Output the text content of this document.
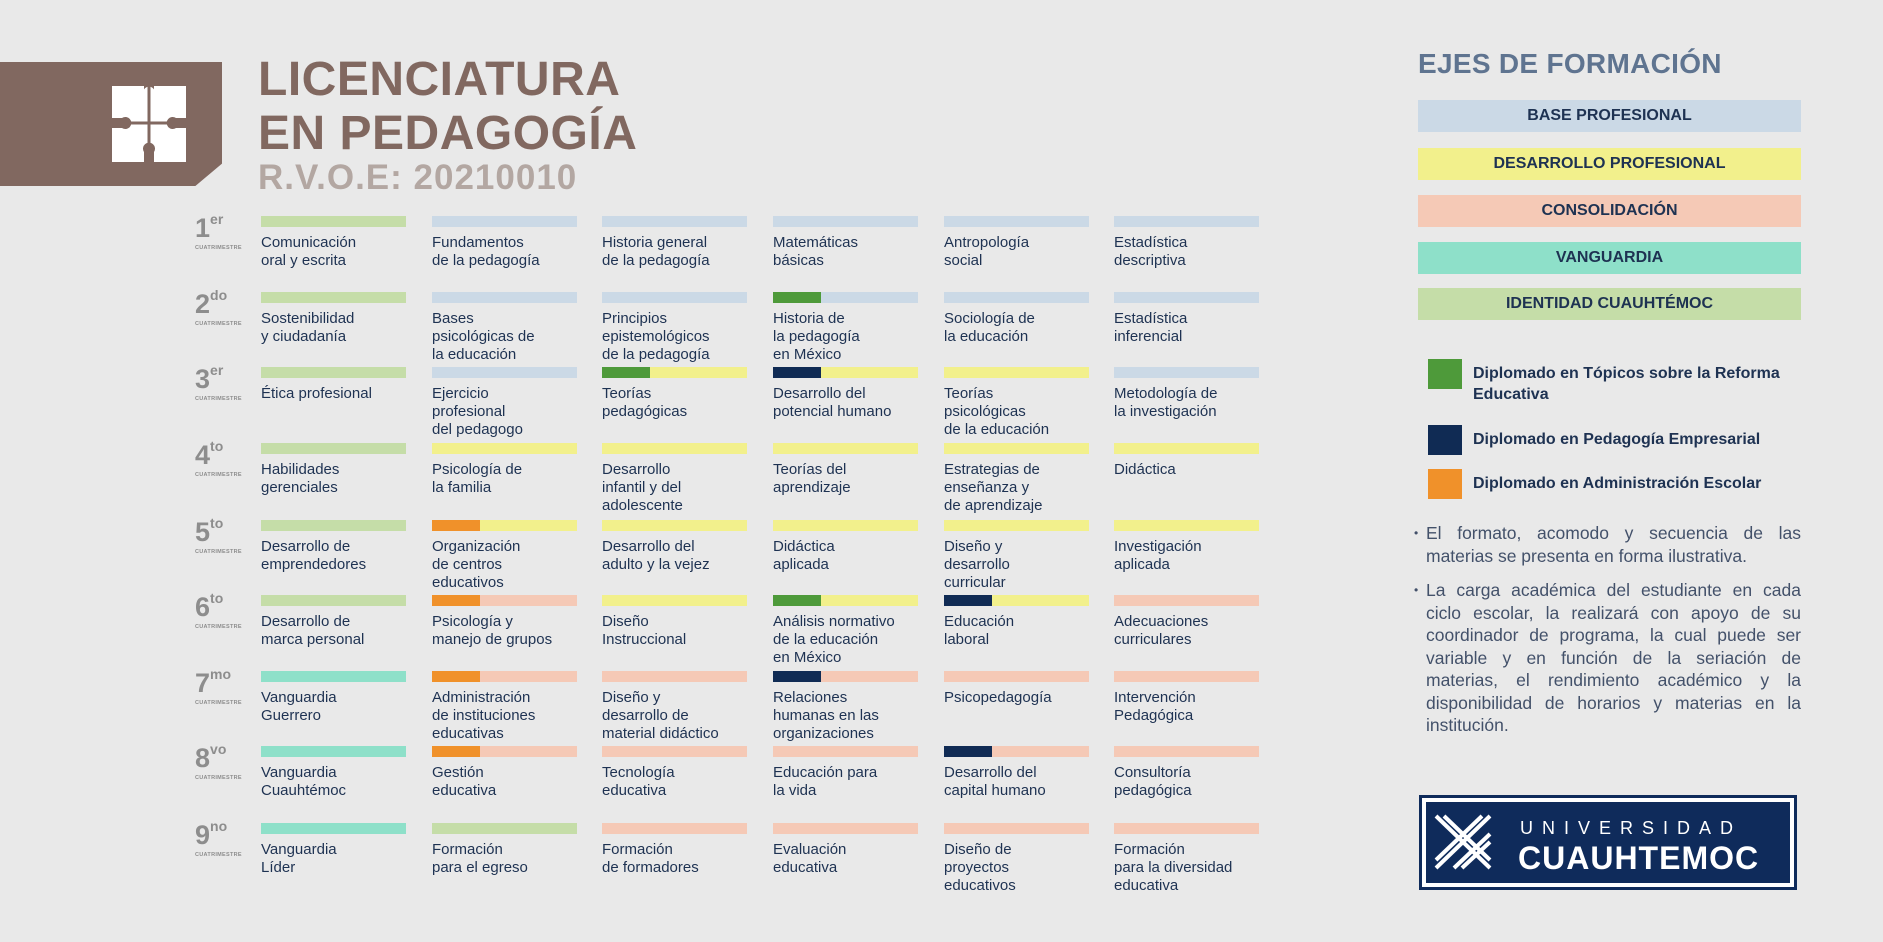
LICENCIATURA
EN PEDAGOGÍA
R.V.O.E: 20210010
1er
CUATRIMESTRE Comunicación
oral y escrita
Fundamentos
de la pedagogía
Historia general
de la pedagogía
Matemáticas
básicas
Antropología
social
Estadística
descriptiva
2do
CUATRIMESTRE Sostenibilidad
y ciudadanía
Bases
psicológicas de
la educación
Principios
epistemológicos
de la pedagogía
Historia de
la pedagogía
en México
Sociología de
la educación
Estadística
inferencial
3er
CUATRIMESTRE Ética profesional	Ejercicio
profesional
del pedagogo
Teorías
pedagógicas
Desarrollo del
potencial humano
Teorías
psicológicas
de la educación
Metodología de
la investigación
4to
CUATRIMESTRE Habilidades
gerenciales
Psicología de
la familia
Desarrollo
infantil y del
adolescente
Teorías del
aprendizaje
Estrategias de
enseñanza y
de aprendizaje
Didáctica
5to
CUATRIMESTRE Desarrollo de
emprendedores
Organización
de centros
educativos
Desarrollo del
adulto y la vejez
Didáctica
aplicada
Diseño y
desarrollo
curricular
Investigación
aplicada
6to
CUATRIMESTRE Desarrollo de
marca personal
Psicología y
manejo de grupos
Diseño
Instruccional
Análisis normativo
de la educación
en México
Educación
laboral
Adecuaciones
curriculares
7mo
CUATRIMESTRE Vanguardia
Guerrero
Administración
de instituciones
educativas
Diseño y
desarrollo de
material didáctico
Relaciones
humanas en las
organizaciones
Psicopedagogía	Intervención
Pedagógica
8vo
CUATRIMESTRE Vanguardia
Cuauhtémoc
Gestión
educativa
Tecnología
educativa
Educación para
la vida
Desarrollo del
capital humano
Consultoría
pedagógica
9no
CUATRIMESTRE Vanguardia
Líder
Formación
para el egreso
Formación
de formadores
Evaluación
educativa
Diseño de
proyectos
educativos
Formación
para la diversidad
educativa
EJES DE FORMACIÓN
BASE PROFESIONAL
DESARROLLO PROFESIONAL
CONSOLIDACIÓN
VANGUARDIA
IDENTIDAD CUAUHTÉMOC
Diplomado en Tópicos sobre la Reforma Educativa
Diplomado en Pedagogía Empresarial
Diplomado en Administración Escolar
• El formato, acomodo y secuencia de las materias se presenta en forma ilustrativa.
• La carga académica del estudiante en cada ciclo escolar, la realizará con apoyo de su coordinador de programa, la cual puede ser variable y en función de la seriación de materias, el rendimiento académico y la disponibilidad de horarios y materias en la institución.
UNIVERSIDAD
CUAUHTEMOC
